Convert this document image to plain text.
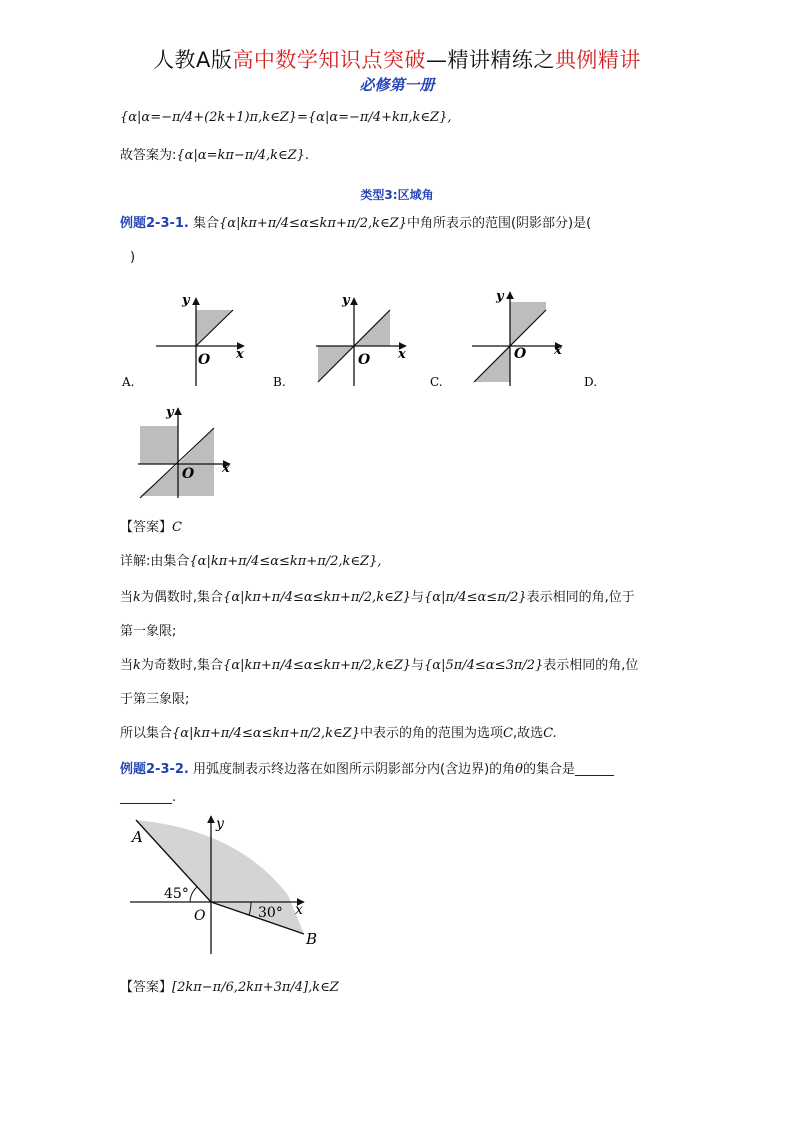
人教A版高中数学知识点突破—精讲精练之典例精讲
必修第一册
{α|α=−π/4+(2k+1)π,k∈Z}={α|α=−π/4+kπ,k∈Z},
故答案为:{α|α=kπ−π/4,k∈Z}.
类型3:区域角
例题2-3-1. 集合{α|kπ+π/4≤α≤kπ+π/2,k∈Z}中角所表示的范围(阴影部分)是(
)
x
y
O
A.
x
y
O
B.
x
y
O
C.	D.
x
y
O
【答案】C
详解:由集合{α|kπ+π/4≤α≤kπ+π/2,k∈Z},
当k为偶数时,集合{α|kπ+π/4≤α≤kπ+π/2,k∈Z}与{α|π/4≤α≤π/2}表示相同的角,位于
第一象限;
当k为奇数时,集合{α|kπ+π/4≤α≤kπ+π/2,k∈Z}与{α|5π/4≤α≤3π/2}表示相同的角,位
于第三象限;
所以集合{α|kπ+π/4≤α≤kπ+π/2,k∈Z}中表示的角的范围为选项C,故选C.
例题2-3-2. 用弧度制表示终边落在如图所示阴影部分内(含边界)的角θ的集合是______
________.
A
B
45°
30° x
y
O
【答案】[2kπ−π/6,2kπ+3π/4],k∈Z
